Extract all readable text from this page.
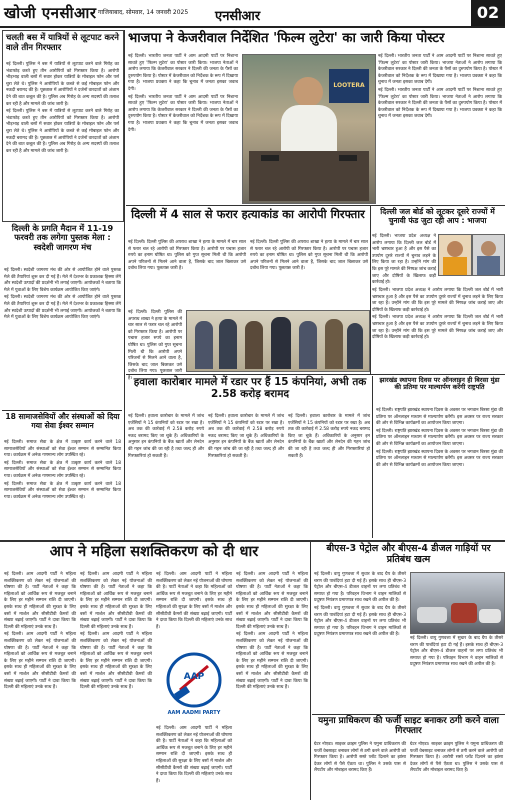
खोजी एनसीआर गाजियाबाद, सोमवार, 14 जनवरी 2025 एनसीआर	02
चलती बस में यात्रियों से लूटपाट करने वाले तीन गिरफ्तार

नई दिल्ली। पुलिस ने बस में यात्रियों से लूटपाट करने वाले गिरोह का भंडाफोड़ करते हुए तीन आरोपियों को गिरफ्तार किया है। आरोपी भीड़भाड़ वाली बसों में सवार होकर यात्रियों के मोबाइल फोन और पर्स चुरा लेते थे। पुलिस ने आरोपियों के कब्जे से कई मोबाइल फोन और नकदी बरामद की है। पूछताछ में आरोपियों ने दर्जनों वारदातों को अंजाम देने की बात कबूल की है। पुलिस अब गिरोह के अन्य सदस्यों की तलाश कर रही है और मामले की जांच जारी है।

नई दिल्ली। पुलिस ने बस में यात्रियों से लूटपाट करने वाले गिरोह का भंडाफोड़ करते हुए तीन आरोपियों को गिरफ्तार किया है। आरोपी भीड़भाड़ वाली बसों में सवार होकर यात्रियों के मोबाइल फोन और पर्स चुरा लेते थे। पुलिस ने आरोपियों के कब्जे से कई मोबाइल फोन और नकदी बरामद की है। पूछताछ में आरोपियों ने दर्जनों वारदातों को अंजाम देने की बात कबूल की है। पुलिस अब गिरोह के अन्य सदस्यों की तलाश कर रही है और मामले की जांच जारी है।

दिल्ली के प्रगति मैदान में 11-19 फरवरी तक लगेगा पुस्तक मेला : स्वदेशी जागरण मंच

नई दिल्ली। स्वदेशी जागरण मंच की ओर से आयोजित होने वाले पुस्तक मेले की तैयारियां शुरू कर दी गई हैं। मेले में देशभर के प्रकाशक हिस्सा लेंगे और स्वदेशी उत्पादों की प्रदर्शनी भी लगाई जाएगी। आयोजकों ने बताया कि मेले में युवाओं के लिए विशेष कार्यक्रम आयोजित किए जाएंगे।

नई दिल्ली। स्वदेशी जागरण मंच की ओर से आयोजित होने वाले पुस्तक मेले की तैयारियां शुरू कर दी गई हैं। मेले में देशभर के प्रकाशक हिस्सा लेंगे और स्वदेशी उत्पादों की प्रदर्शनी भी लगाई जाएगी। आयोजकों ने बताया कि मेले में युवाओं के लिए विशेष कार्यक्रम आयोजित किए जाएंगे।

18 सामाजसेवियों और संस्थाओं को दिया गया सेवा ईश्वर सम्मान

नई दिल्ली। समाज सेवा के क्षेत्र में उत्कृष्ट कार्य करने वाले 18 सामाजसेवियों और संस्थाओं को सेवा ईश्वर सम्मान से सम्मानित किया गया। कार्यक्रम में अनेक गणमान्य लोग उपस्थित रहे।

नई दिल्ली। समाज सेवा के क्षेत्र में उत्कृष्ट कार्य करने वाले 18 सामाजसेवियों और संस्थाओं को सेवा ईश्वर सम्मान से सम्मानित किया गया। कार्यक्रम में अनेक गणमान्य लोग उपस्थित रहे।

नई दिल्ली। समाज सेवा के क्षेत्र में उत्कृष्ट कार्य करने वाले 18 सामाजसेवियों और संस्थाओं को सेवा ईश्वर सम्मान से सम्मानित किया गया। कार्यक्रम में अनेक गणमान्य लोग उपस्थित रहे।

भाजपा ने केजरीवाल निर्देशित 'फिल्म लुटेरा' का जारी किया पोस्टर

नई दिल्ली। भारतीय जनता पार्टी ने आम आदमी पार्टी पर निशाना साधते हुए 'फिल्म लुटेरा' का पोस्टर जारी किया। भाजपा नेताओं ने आरोप लगाया कि केजरीवाल सरकार ने दिल्ली की जनता के पैसों का दुरुपयोग किया है। पोस्टर में केजरीवाल को निर्देशक के रूप में दिखाया गया है। भाजपा प्रवक्ता ने कहा कि चुनाव में जनता इसका जवाब देगी।

नई दिल्ली। भारतीय जनता पार्टी ने आम आदमी पार्टी पर निशाना साधते हुए 'फिल्म लुटेरा' का पोस्टर जारी किया। भाजपा नेताओं ने आरोप लगाया कि केजरीवाल सरकार ने दिल्ली की जनता के पैसों का दुरुपयोग किया है। पोस्टर में केजरीवाल को निर्देशक के रूप में दिखाया गया है। भाजपा प्रवक्ता ने कहा कि चुनाव में जनता इसका जवाब देगी।

LOOTERA

नई दिल्ली। भारतीय जनता पार्टी ने आम आदमी पार्टी पर निशाना साधते हुए 'फिल्म लुटेरा' का पोस्टर जारी किया। भाजपा नेताओं ने आरोप लगाया कि केजरीवाल सरकार ने दिल्ली की जनता के पैसों का दुरुपयोग किया है। पोस्टर में केजरीवाल को निर्देशक के रूप में दिखाया गया है। भाजपा प्रवक्ता ने कहा कि चुनाव में जनता इसका जवाब देगी।

नई दिल्ली। भारतीय जनता पार्टी ने आम आदमी पार्टी पर निशाना साधते हुए 'फिल्म लुटेरा' का पोस्टर जारी किया। भाजपा नेताओं ने आरोप लगाया कि केजरीवाल सरकार ने दिल्ली की जनता के पैसों का दुरुपयोग किया है। पोस्टर में केजरीवाल को निर्देशक के रूप में दिखाया गया है। भाजपा प्रवक्ता ने कहा कि चुनाव में जनता इसका जवाब देगी।

दिल्ली में 4 साल से फरार हत्याकांड का आरोपी गिरफ्तार

नई दिल्ली। दिल्ली पुलिस की अपराध शाखा ने हत्या के मामले में चार साल से फरार चल रहे आरोपी को गिरफ्तार किया है। आरोपी पर पचास हजार रुपये का इनाम घोषित था। पुलिस को गुप्त सूचना मिली थी कि आरोपी अपने परिजनों से मिलने आने वाला है, जिसके बाद जाल बिछाकर उसे दबोच लिया गया। पूछताछ जारी है।

नई दिल्ली। दिल्ली पुलिस की अपराध शाखा ने हत्या के मामले में चार साल से फरार चल रहे आरोपी को गिरफ्तार किया है। आरोपी पर पचास हजार रुपये का इनाम घोषित था। पुलिस को गुप्त सूचना मिली थी कि आरोपी अपने परिजनों से मिलने आने वाला है, जिसके बाद जाल बिछाकर उसे दबोच लिया गया। पूछताछ जारी है।

नई दिल्ली। दिल्ली पुलिस की अपराध शाखा ने हत्या के मामले में चार साल से फरार चल रहे आरोपी को गिरफ्तार किया है। आरोपी पर पचास हजार रुपये का इनाम घोषित था। पुलिस को गुप्त सूचना मिली थी कि आरोपी अपने परिजनों से मिलने आने वाला है, जिसके बाद जाल बिछाकर उसे दबोच लिया गया। पूछताछ जारी है।

दिल्ली जल बोर्ड को लूटकर दूसरे राज्यों में चुनावी फंड जुटा रही आप : भाजपा

नई दिल्ली। भाजपा प्रदेश अध्यक्ष ने आरोप लगाया कि दिल्ली जल बोर्ड में भारी भ्रष्टाचार हुआ है और इस पैसे का उपयोग दूसरे राज्यों में चुनाव लड़ने के लिए किया जा रहा है। उन्होंने मांग की कि इस पूरे मामले की निष्पक्ष जांच कराई जाए और दोषियों के खिलाफ कड़ी कार्रवाई हो।

नई दिल्ली। भाजपा प्रदेश अध्यक्ष ने आरोप लगाया कि दिल्ली जल बोर्ड में भारी भ्रष्टाचार हुआ है और इस पैसे का उपयोग दूसरे राज्यों में चुनाव लड़ने के लिए किया जा रहा है। उन्होंने मांग की कि इस पूरे मामले की निष्पक्ष जांच कराई जाए और दोषियों के खिलाफ कड़ी कार्रवाई हो।

नई दिल्ली। भाजपा प्रदेश अध्यक्ष ने आरोप लगाया कि दिल्ली जल बोर्ड में भारी भ्रष्टाचार हुआ है और इस पैसे का उपयोग दूसरे राज्यों में चुनाव लड़ने के लिए किया जा रहा है। उन्होंने मांग की कि इस पूरे मामले की निष्पक्ष जांच कराई जाए और दोषियों के खिलाफ कड़ी कार्रवाई हो।

हवाला कारोबार मामले में रडार पर हैं 15 कंपनियां, अभी तक 2.58 करोड़ बरामद

नई दिल्ली। हवाला कारोबार के मामले में जांच एजेंसियों ने 15 कंपनियों को रडार पर रखा है। अब तक की कार्रवाई में 2.58 करोड़ रुपये नकद बरामद किए जा चुके हैं। अधिकारियों के अनुसार इन कंपनियों के बैंक खातों और लेनदेन की गहन जांच की जा रही है तथा जल्द ही और गिरफ्तारियां हो सकती हैं।

नई दिल्ली। हवाला कारोबार के मामले में जांच एजेंसियों ने 15 कंपनियों को रडार पर रखा है। अब तक की कार्रवाई में 2.58 करोड़ रुपये नकद बरामद किए जा चुके हैं। अधिकारियों के अनुसार इन कंपनियों के बैंक खातों और लेनदेन की गहन जांच की जा रही है तथा जल्द ही और गिरफ्तारियां हो सकती हैं।

नई दिल्ली। हवाला कारोबार के मामले में जांच एजेंसियों ने 15 कंपनियों को रडार पर रखा है। अब तक की कार्रवाई में 2.58 करोड़ रुपये नकद बरामद किए जा चुके हैं। अधिकारियों के अनुसार इन कंपनियों के बैंक खातों और लेनदेन की गहन जांच की जा रही है तथा जल्द ही और गिरफ्तारियां हो सकती हैं।

झारखंड स्थापना दिवस पर ऑनलाइन ही बिरसा मुंडा की प्रतिमा पर माल्यार्पण करेंगी राष्ट्रपति

नई दिल्ली। राष्ट्रपति झारखंड स्थापना दिवस के अवसर पर भगवान बिरसा मुंडा की प्रतिमा पर ऑनलाइन माध्यम से माल्यार्पण करेंगी। इस अवसर पर राज्य सरकार की ओर से विभिन्न कार्यक्रमों का आयोजन किया जाएगा।

नई दिल्ली। राष्ट्रपति झारखंड स्थापना दिवस के अवसर पर भगवान बिरसा मुंडा की प्रतिमा पर ऑनलाइन माध्यम से माल्यार्पण करेंगी। इस अवसर पर राज्य सरकार की ओर से विभिन्न कार्यक्रमों का आयोजन किया जाएगा।

नई दिल्ली। राष्ट्रपति झारखंड स्थापना दिवस के अवसर पर भगवान बिरसा मुंडा की प्रतिमा पर ऑनलाइन माध्यम से माल्यार्पण करेंगी। इस अवसर पर राज्य सरकार की ओर से विभिन्न कार्यक्रमों का आयोजन किया जाएगा।

आप ने महिला सशक्तिकरण को दी धार

नई दिल्ली। आम आदमी पार्टी ने महिला सशक्तिकरण को लेकर नई योजनाओं की घोषणा की है। पार्टी नेताओं ने कहा कि महिलाओं को आर्थिक रूप से मजबूत बनाने के लिए हर महीने सम्मान राशि दी जाएगी। इसके साथ ही महिलाओं की सुरक्षा के लिए बसों में मार्शल और सीसीटीवी कैमरों की संख्या बढ़ाई जाएगी। पार्टी ने दावा किया कि दिल्ली की महिलाएं उनके साथ हैं।

नई दिल्ली। आम आदमी पार्टी ने महिला सशक्तिकरण को लेकर नई योजनाओं की घोषणा की है। पार्टी नेताओं ने कहा कि महिलाओं को आर्थिक रूप से मजबूत बनाने के लिए हर महीने सम्मान राशि दी जाएगी। इसके साथ ही महिलाओं की सुरक्षा के लिए बसों में मार्शल और सीसीटीवी कैमरों की संख्या बढ़ाई जाएगी। पार्टी ने दावा किया कि दिल्ली की महिलाएं उनके साथ हैं।

नई दिल्ली। आम आदमी पार्टी ने महिला सशक्तिकरण को लेकर नई योजनाओं की घोषणा की है। पार्टी नेताओं ने कहा कि महिलाओं को आर्थिक रूप से मजबूत बनाने के लिए हर महीने सम्मान राशि दी जाएगी। इसके साथ ही महिलाओं की सुरक्षा के लिए बसों में मार्शल और सीसीटीवी कैमरों की संख्या बढ़ाई जाएगी। पार्टी ने दावा किया कि दिल्ली की महिलाएं उनके साथ हैं।

नई दिल्ली। आम आदमी पार्टी ने महिला सशक्तिकरण को लेकर नई योजनाओं की घोषणा की है। पार्टी नेताओं ने कहा कि महिलाओं को आर्थिक रूप से मजबूत बनाने के लिए हर महीने सम्मान राशि दी जाएगी। इसके साथ ही महिलाओं की सुरक्षा के लिए बसों में मार्शल और सीसीटीवी कैमरों की संख्या बढ़ाई जाएगी। पार्टी ने दावा किया कि दिल्ली की महिलाएं उनके साथ हैं।

AAP
AAM AADMI PARTY

नई दिल्ली। आम आदमी पार्टी ने महिला सशक्तिकरण को लेकर नई योजनाओं की घोषणा की है। पार्टी नेताओं ने कहा कि महिलाओं को आर्थिक रूप से मजबूत बनाने के लिए हर महीने सम्मान राशि दी जाएगी। इसके साथ ही महिलाओं की सुरक्षा के लिए बसों में मार्शल और सीसीटीवी कैमरों की संख्या बढ़ाई जाएगी। पार्टी ने दावा किया कि दिल्ली की महिलाएं उनके साथ हैं।

नई दिल्ली। आम आदमी पार्टी ने महिला सशक्तिकरण को लेकर नई योजनाओं की घोषणा की है। पार्टी नेताओं ने कहा कि महिलाओं को आर्थिक रूप से मजबूत बनाने के लिए हर महीने सम्मान राशि दी जाएगी। इसके साथ ही महिलाओं की सुरक्षा के लिए बसों में मार्शल और सीसीटीवी कैमरों की संख्या बढ़ाई जाएगी। पार्टी ने दावा किया कि दिल्ली की महिलाएं उनके साथ हैं।

नई दिल्ली। आम आदमी पार्टी ने महिला सशक्तिकरण को लेकर नई योजनाओं की घोषणा की है। पार्टी नेताओं ने कहा कि महिलाओं को आर्थिक रूप से मजबूत बनाने के लिए हर महीने सम्मान राशि दी जाएगी। इसके साथ ही महिलाओं की सुरक्षा के लिए बसों में मार्शल और सीसीटीवी कैमरों की संख्या बढ़ाई जाएगी। पार्टी ने दावा किया कि दिल्ली की महिलाएं उनके साथ हैं।

नई दिल्ली। आम आदमी पार्टी ने महिला सशक्तिकरण को लेकर नई योजनाओं की घोषणा की है। पार्टी नेताओं ने कहा कि महिलाओं को आर्थिक रूप से मजबूत बनाने के लिए हर महीने सम्मान राशि दी जाएगी। इसके साथ ही महिलाओं की सुरक्षा के लिए बसों में मार्शल और सीसीटीवी कैमरों की संख्या बढ़ाई जाएगी। पार्टी ने दावा किया कि दिल्ली की महिलाएं उनके साथ हैं।

बीएस-3 पेट्रोल और बीएस-4 डीजल गाड़ियों पर प्रतिबंध खत्म

नई दिल्ली। वायु गुणवत्ता में सुधार के बाद ग्रैप के तीसरे चरण की पाबंदियां हटा दी गई हैं। इसके साथ ही बीएस-3 पेट्रोल और बीएस-4 डीजल वाहनों पर लगा प्रतिबंध भी समाप्त हो गया है। परिवहन विभाग ने वाहन मालिकों से प्रदूषण नियंत्रण प्रमाणपत्र साथ रखने की अपील की है।

नई दिल्ली। वायु गुणवत्ता में सुधार के बाद ग्रैप के तीसरे चरण की पाबंदियां हटा दी गई हैं। इसके साथ ही बीएस-3 पेट्रोल और बीएस-4 डीजल वाहनों पर लगा प्रतिबंध भी समाप्त हो गया है। परिवहन विभाग ने वाहन मालिकों से प्रदूषण नियंत्रण प्रमाणपत्र साथ रखने की अपील की है।

नई दिल्ली। वायु गुणवत्ता में सुधार के बाद ग्रैप के तीसरे चरण की पाबंदियां हटा दी गई हैं। इसके साथ ही बीएस-3 पेट्रोल और बीएस-4 डीजल वाहनों पर लगा प्रतिबंध भी समाप्त हो गया है। परिवहन विभाग ने वाहन मालिकों से प्रदूषण नियंत्रण प्रमाणपत्र साथ रखने की अपील की है।

यमुना प्राधिकरण की फर्जी साइट बनाकर ठगी करने वाला गिरफ्तार

ग्रेटर नोएडा। साइबर क्राइम पुलिस ने यमुना प्राधिकरण की फर्जी वेबसाइट बनाकर लोगों से ठगी करने वाले आरोपी को गिरफ्तार किया है। आरोपी सस्ते प्लॉट दिलाने का झांसा देकर लोगों से पैसे ऐंठता था। पुलिस ने उसके पास से लैपटॉप और मोबाइल बरामद किए हैं।

ग्रेटर नोएडा। साइबर क्राइम पुलिस ने यमुना प्राधिकरण की फर्जी वेबसाइट बनाकर लोगों से ठगी करने वाले आरोपी को गिरफ्तार किया है। आरोपी सस्ते प्लॉट दिलाने का झांसा देकर लोगों से पैसे ऐंठता था। पुलिस ने उसके पास से लैपटॉप और मोबाइल बरामद किए हैं।
